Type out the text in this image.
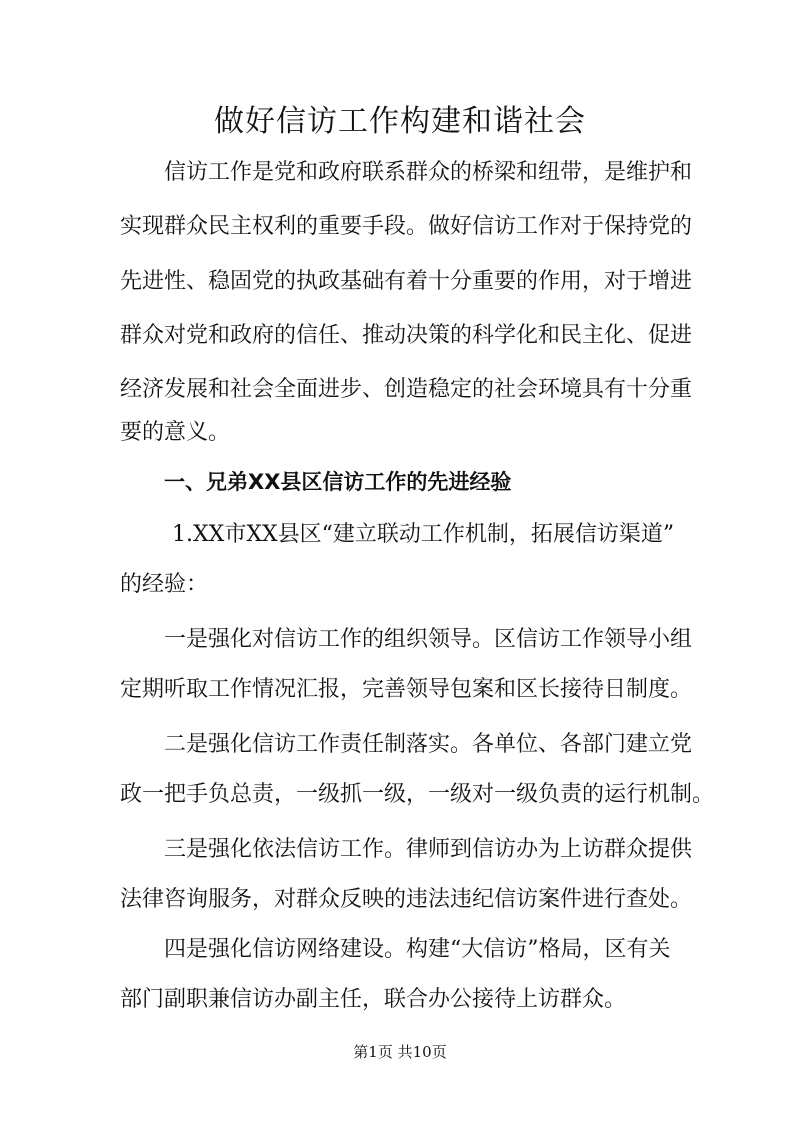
做好信访工作构建和谐社会

信访工作是党和政府联系群众的桥梁和纽带，是维护和

实现群众民主权利的重要手段。做好信访工作对于保持党的

先进性、稳固党的执政基础有着十分重要的作用，对于增进

群众对党和政府的信任、推动决策的科学化和民主化、促进

经济发展和社会全面进步、创造稳定的社会环境具有十分重

要的意义。

一、兄弟XX县区信访工作的先进经验

1.XX市XX县区“建立联动工作机制，拓展信访渠道”

的经验：

一是强化对信访工作的组织领导。区信访工作领导小组

定期听取工作情况汇报，完善领导包案和区长接待日制度。

二是强化信访工作责任制落实。各单位、各部门建立党

政一把手负总责，一级抓一级，一级对一级负责的运行机制。

三是强化依法信访工作。律师到信访办为上访群众提供

法律咨询服务，对群众反映的违法违纪信访案件进行查处。

四是强化信访网络建设。构建“大信访”格局，区有关

部门副职兼信访办副主任，联合办公接待上访群众。

第1页 共10页
